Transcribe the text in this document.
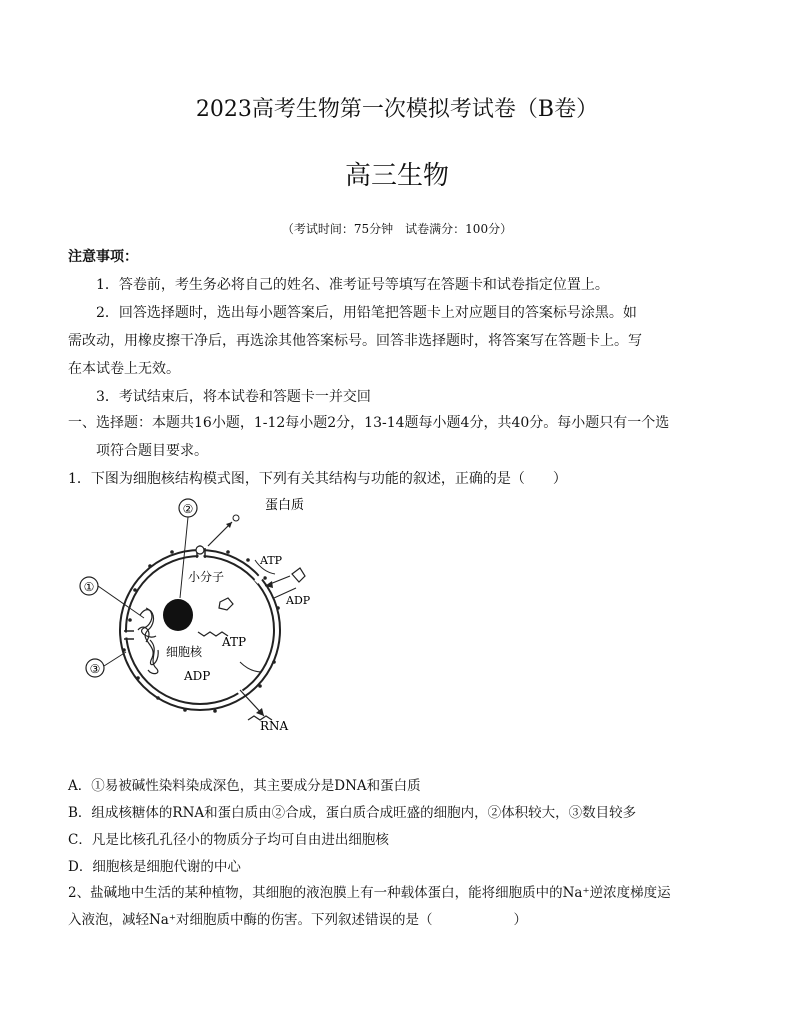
2023高考生物第一次模拟考试卷（B卷）
高三生物
（考试时间：75分钟　试卷满分：100分）
注意事项：
1．答卷前，考生务必将自己的姓名、准考证号等填写在答题卡和试卷指定位置上。
2．回答选择题时，选出每小题答案后，用铅笔把答题卡上对应题目的答案标号涂黑。如
需改动，用橡皮擦干净后，再选涂其他答案标号。回答非选择题时，将答案写在答题卡上。写
在本试卷上无效。
3．考试结束后，将本试卷和答题卡一并交回
一、选择题：本题共16小题，1-12每小题2分，13-14题每小题4分，共40分。每小题只有一个选
项符合题目要求。
1．下图为细胞核结构模式图，下列有关其结构与功能的叙述，正确的是（　　）
②
①
③
蛋白质
小分子
ATP
ADP
细胞核
ATP
ADP
RNA
A．①易被碱性染料染成深色，其主要成分是DNA和蛋白质
B．组成核糖体的RNA和蛋白质由②合成，蛋白质合成旺盛的细胞内，②体积较大，③数目较多
C．凡是比核孔孔径小的物质分子均可自由进出细胞核
D．细胞核是细胞代谢的中心
2、盐碱地中生活的某种植物，其细胞的液泡膜上有一种载体蛋白，能将细胞质中的Na⁺逆浓度梯度运
入液泡，减轻Na⁺对细胞质中酶的伤害。下列叙述错误的是（　　　　　　）
